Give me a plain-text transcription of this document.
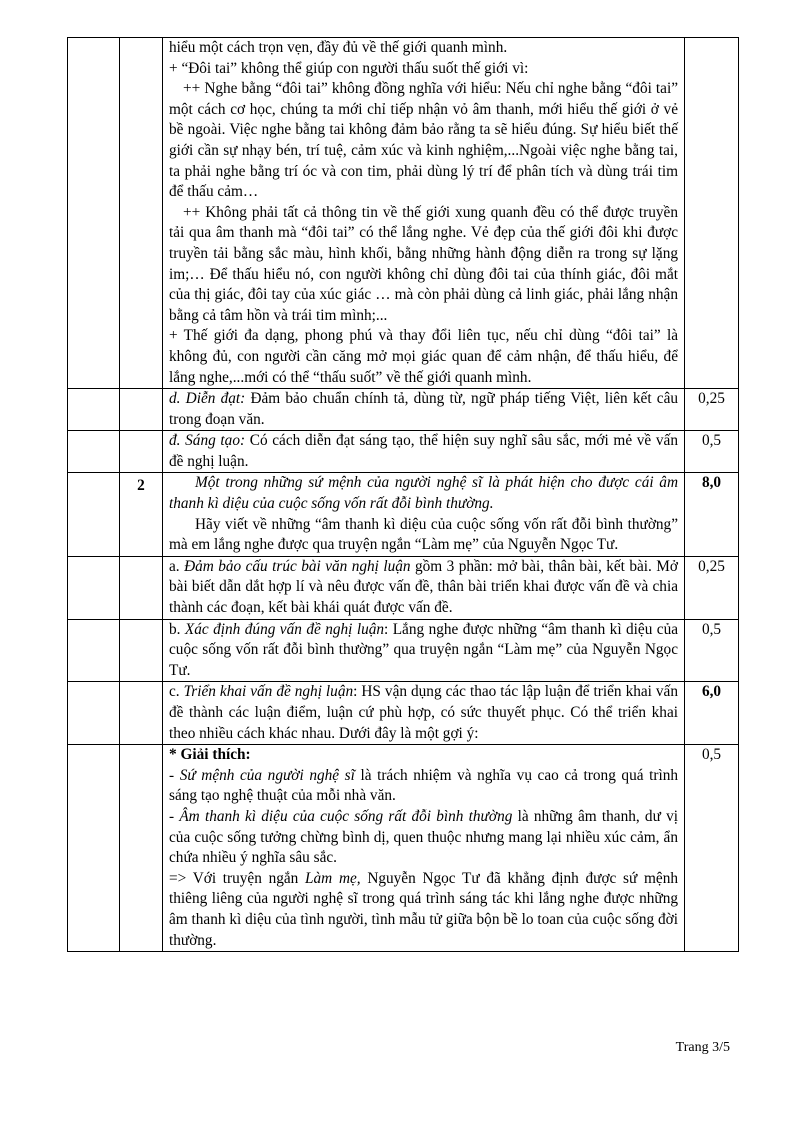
		hiểu một cách trọn vẹn, đầy đủ về thế giới quanh mình.
+ “Đôi tai” không thể giúp con người thấu suốt thế giới vì:
++ Nghe bằng “đôi tai” không đồng nghĩa với hiểu: Nếu chỉ nghe bằng “đôi tai” một cách cơ học, chúng ta mới chỉ tiếp nhận vỏ âm thanh, mới hiểu thế giới ở vẻ bề ngoài. Việc nghe bằng tai không đảm bảo rằng ta sẽ hiểu đúng. Sự hiểu biết thế giới cần sự nhạy bén, trí tuệ, cảm xúc và kinh nghiệm,...Ngoài việc nghe bằng tai, ta phải nghe bằng trí óc và con tim, phải dùng lý trí để phân tích và dùng trái tim để thấu cảm…
++ Không phải tất cả thông tin về thế giới xung quanh đều có thể được truyền tải qua âm thanh mà “đôi tai” có thể lắng nghe. Vẻ đẹp của thế giới đôi khi được truyền tải bằng sắc màu, hình khối, bằng những hành động diễn ra trong sự lặng im;… Để thấu hiểu nó, con người không chỉ dùng đôi tai của thính giác, đôi mắt của thị giác, đôi tay của xúc giác … mà còn phải dùng cả linh giác, phải lắng nhận bằng cả tâm hồn và trái tim mình;...
+ Thế giới đa dạng, phong phú và thay đổi liên tục, nếu chỉ dùng “đôi tai” là không đủ, con người cần căng mở mọi giác quan để cảm nhận, để thấu hiểu, để lắng nghe,...mới có thể “thấu suốt” về thế giới quanh mình.	

		d. Diễn đạt: Đảm bảo chuẩn chính tả, dùng từ, ngữ pháp tiếng Việt, liên kết câu trong đoạn văn.	0,25
		đ. Sáng tạo: Có cách diễn đạt sáng tạo, thể hiện suy nghĩ sâu sắc, mới mẻ về vấn đề nghị luận.	0,5
	2	Một trong những sứ mệnh của người nghệ sĩ là phát hiện cho được cái âm thanh kì diệu của cuộc sống vốn rất đỗi bình thường.
Hãy viết về những “âm thanh kì diệu của cuộc sống vốn rất đỗi bình thường” mà em lắng nghe được qua truyện ngắn “Làm mẹ” của Nguyễn Ngọc Tư.	8,0
		a. Đảm bảo cấu trúc bài văn nghị luận gồm 3 phần: mở bài, thân bài, kết bài. Mở bài biết dẫn dắt hợp lí và nêu được vấn đề, thân bài triển khai được vấn đề và chia thành các đoạn, kết bài khái quát được vấn đề.	0,25
		b. Xác định đúng vấn đề nghị luận: Lắng nghe được những “âm thanh kì diệu của cuộc sống vốn rất đỗi bình thường” qua truyện ngắn “Làm mẹ” của Nguyễn Ngọc Tư.	0,5
		c. Triển khai vấn đề nghị luận: HS vận dụng các thao tác lập luận để triển khai vấn đề thành các luận điểm, luận cứ phù hợp, có sức thuyết phục. Có thể triển khai theo nhiều cách khác nhau. Dưới đây là một gợi ý:	6,0

		* Giải thích:
- Sứ mệnh của người nghệ sĩ là trách nhiệm và nghĩa vụ cao cả trong quá trình sáng tạo nghệ thuật của mỗi nhà văn.
- Âm thanh kì diệu của cuộc sống rất đỗi bình thường là những âm thanh, dư vị của cuộc sống tưởng chừng bình dị, quen thuộc nhưng mang lại nhiều xúc cảm, ẩn chứa nhiều ý nghĩa sâu sắc.
=> Với truyện ngắn Làm mẹ, Nguyễn Ngọc Tư đã khẳng định được sứ mệnh thiêng liêng của người nghệ sĩ trong quá trình sáng tác khi lắng nghe được những âm thanh kì diệu của tình người, tình mẫu tử giữa bộn bề lo toan của cuộc sống đời thường.	0,5
Trang 3/5
